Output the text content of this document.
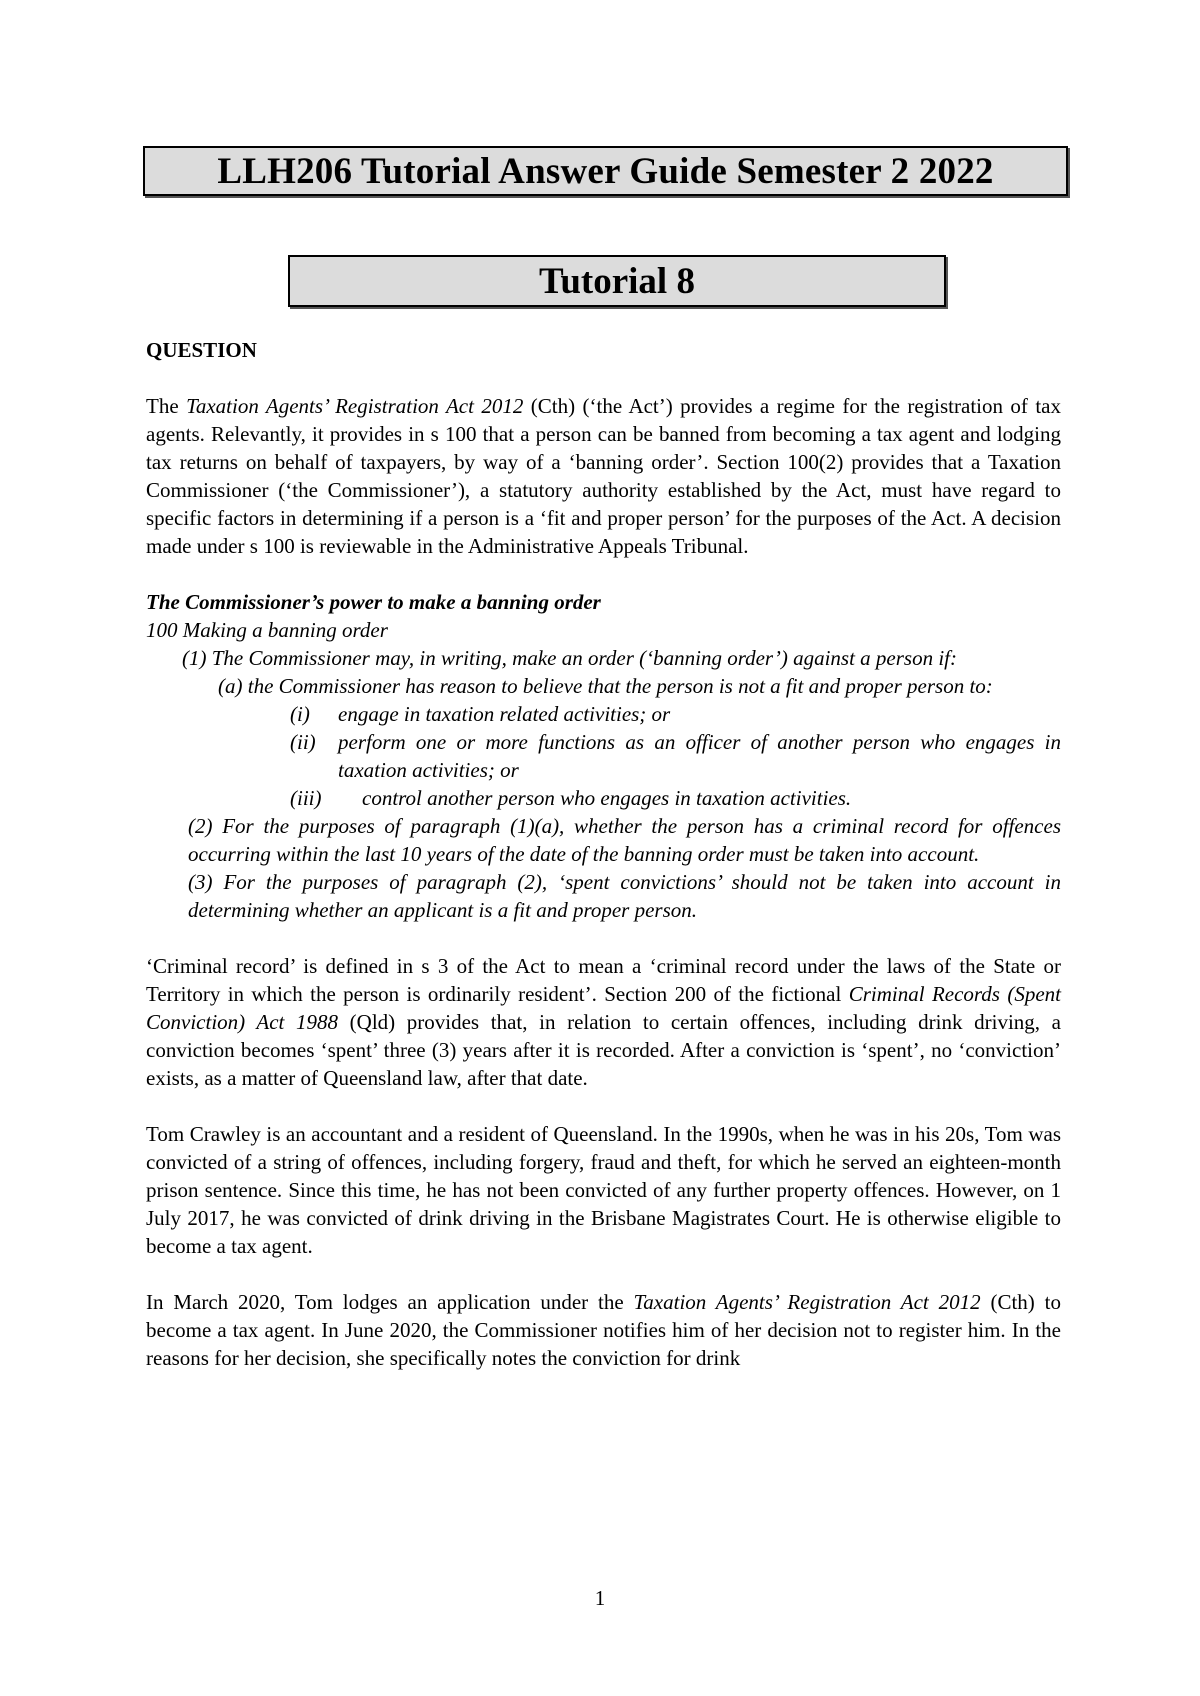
LLH206 Tutorial Answer Guide Semester 2 2022
Tutorial 8

QUESTION

The Taxation Agents’ Registration Act 2012 (Cth) (‘the Act’) provides a regime for the registration of tax agents. Relevantly, it provides in s 100 that a person can be banned from becoming a tax agent and lodging tax returns on behalf of taxpayers, by way of a ‘banning order’. Section 100(2) provides that a Taxation Commissioner (‘the Commissioner’), a statutory authority established by the Act, must have regard to specific factors in determining if a person is a ‘fit and proper person’ for the purposes of the Act. A decision made under s 100 is reviewable in the Administrative Appeals Tribunal.

The Commissioner’s power to make a banning order
100 Making a banning order
(1) The Commissioner may, in writing, make an order (‘banning order’) against a person if:
(a) the Commissioner has reason to believe that the person is not a fit and proper person to:
(i) engage in taxation related activities; or
(ii) perform one or more functions as an officer of another person who engages in taxation activities; or
(iii) control another person who engages in taxation activities.
(2) For the purposes of paragraph (1)(a), whether the person has a criminal record for offences occurring within the last 10 years of the date of the banning order must be taken into account.
(3) For the purposes of paragraph (2), ‘spent convictions’ should not be taken into account in determining whether an applicant is a fit and proper person.

‘Criminal record’ is defined in s 3 of the Act to mean a ‘criminal record under the laws of the State or Territory in which the person is ordinarily resident’. Section 200 of the fictional Criminal Records (Spent Conviction) Act 1988 (Qld) provides that, in relation to certain offences, including drink driving, a conviction becomes ‘spent’ three (3) years after it is recorded. After a conviction is ‘spent’, no ‘conviction’ exists, as a matter of Queensland law, after that date.

Tom Crawley is an accountant and a resident of Queensland. In the 1990s, when he was in his 20s, Tom was convicted of a string of offences, including forgery, fraud and theft, for which he served an eighteen-month prison sentence. Since this time, he has not been convicted of any further property offences. However, on 1 July 2017, he was convicted of drink driving in the Brisbane Magistrates Court. He is otherwise eligible to become a tax agent.

In March 2020, Tom lodges an application under the Taxation Agents’ Registration Act 2012 (Cth) to become a tax agent. In June 2020, the Commissioner notifies him of her decision not to register him. In the reasons for her decision, she specifically notes the conviction for drink

1
